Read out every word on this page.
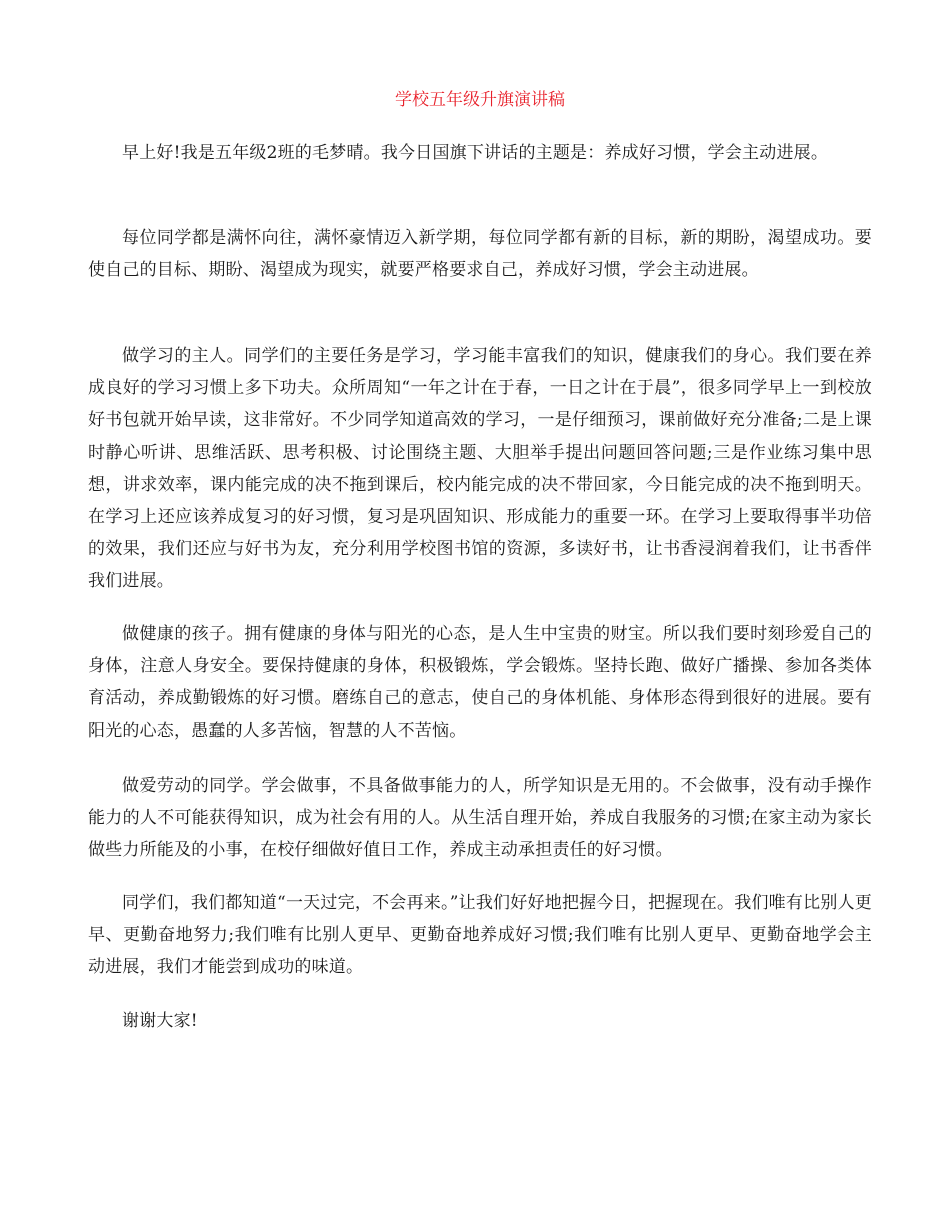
学校五年级升旗演讲稿

早上好!我是五年级2班的毛梦晴。我今日国旗下讲话的主题是：养成好习惯，学会主动进展。

每位同学都是满怀向往，满怀豪情迈入新学期，每位同学都有新的目标，新的期盼，渴望成功。要使自己的目标、期盼、渴望成为现实，就要严格要求自己，养成好习惯，学会主动进展。

做学习的主人。同学们的主要任务是学习，学习能丰富我们的知识，健康我们的身心。我们要在养成良好的学习习惯上多下功夫。众所周知“一年之计在于春，一日之计在于晨”，很多同学早上一到校放好书包就开始早读，这非常好。不少同学知道高效的学习，一是仔细预习，课前做好充分准备;二是上课时静心听讲、思维活跃、思考积极、讨论围绕主题、大胆举手提出问题回答问题;三是作业练习集中思想，讲求效率，课内能完成的决不拖到课后，校内能完成的决不带回家，今日能完成的决不拖到明天。在学习上还应该养成复习的好习惯，复习是巩固知识、形成能力的重要一环。在学习上要取得事半功倍的效果，我们还应与好书为友，充分利用学校图书馆的资源，多读好书，让书香浸润着我们，让书香伴我们进展。

做健康的孩子。拥有健康的身体与阳光的心态，是人生中宝贵的财宝。所以我们要时刻珍爱自己的身体，注意人身安全。要保持健康的身体，积极锻炼，学会锻炼。坚持长跑、做好广播操、参加各类体育活动，养成勤锻炼的好习惯。磨练自己的意志，使自己的身体机能、身体形态得到很好的进展。要有阳光的心态，愚蠢的人多苦恼，智慧的人不苦恼。

做爱劳动的同学。学会做事，不具备做事能力的人，所学知识是无用的。不会做事，没有动手操作能力的人不可能获得知识，成为社会有用的人。从生活自理开始，养成自我服务的习惯;在家主动为家长做些力所能及的小事，在校仔细做好值日工作，养成主动承担责任的好习惯。

同学们，我们都知道“一天过完，不会再来。”让我们好好地把握今日，把握现在。我们唯有比别人更早、更勤奋地努力;我们唯有比别人更早、更勤奋地养成好习惯;我们唯有比别人更早、更勤奋地学会主动进展，我们才能尝到成功的味道。

谢谢大家!
